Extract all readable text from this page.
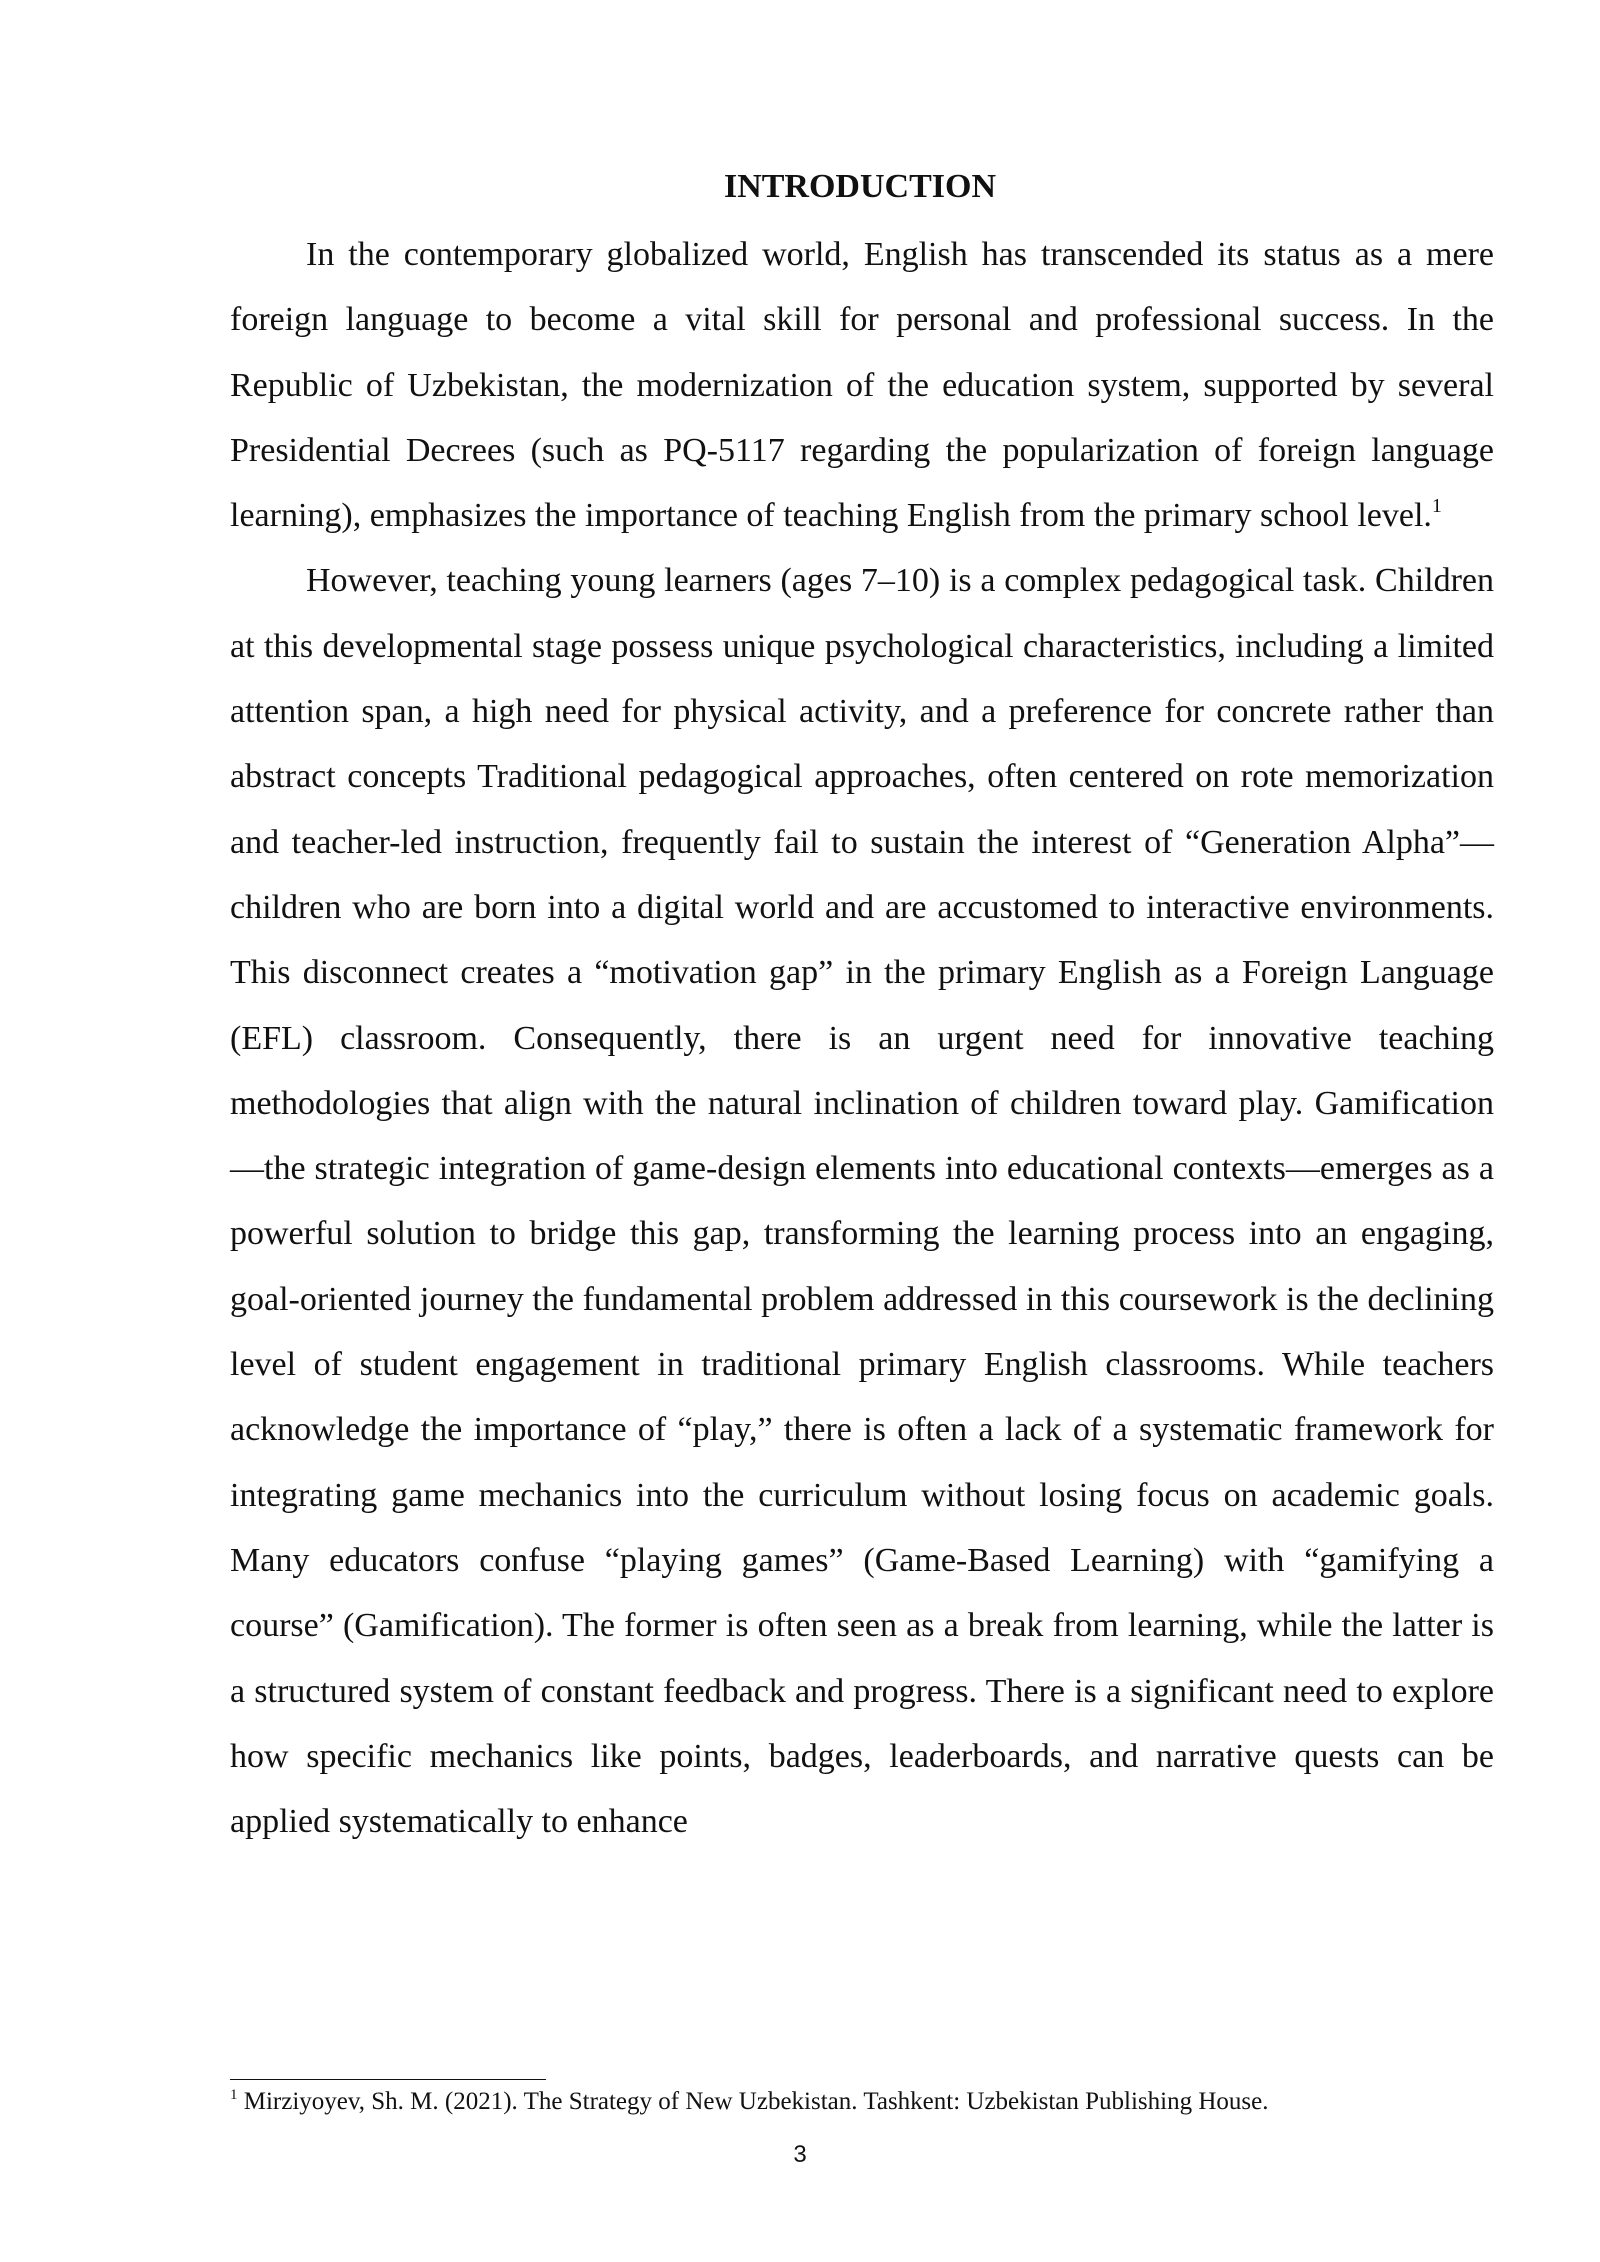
INTRODUCTION

In the contemporary globalized world, English has transcended its status as a mere foreign language to become a vital skill for personal and professional success. In the Republic of Uzbekistan, the modernization of the education system, supported by several Presidential Decrees (such as PQ-5117 regarding the popularization of foreign language learning), emphasizes the importance of teaching English from the primary school level.$^1$

However, teaching young learners (ages 7–10) is a complex pedagogical task. Children at this developmental stage possess unique psychological characteristics, including a limited attention span, a high need for physical activity, and a preference for concrete rather than abstract concepts Traditional pedagogical approaches, often centered on rote memorization and teacher-led instruction, frequently fail to sustain the interest of “Generation Alpha”—children who are born into a digital world and are accustomed to interactive environments. This disconnect creates a “motivation gap” in the primary English as a Foreign Language (EFL) classroom. Consequently, there is an urgent need for innovative teaching methodologies that align with the natural inclination of children toward play. Gamification—the strategic integration of game-design elements into educational contexts—emerges as a powerful solution to bridge this gap, transforming the learning process into an engaging, goal-oriented journey the fundamental problem addressed in this coursework is the declining level of student engagement in traditional primary English classrooms. While teachers acknowledge the importance of “play,” there is often a lack of a systematic framework for integrating game mechanics into the curriculum without losing focus on academic goals. Many educators confuse “playing games” (Game-Based Learning) with “gamifying a course” (Gamification). The former is often seen as a break from learning, while the latter is a structured system of constant feedback and progress. There is a significant need to explore how specific mechanics like points, badges, leaderboards, and narrative quests can be applied systematically to enhance

$^1$ Mirziyoyev, Sh. M. (2021). The Strategy of New Uzbekistan. Tashkent: Uzbekistan Publishing House.
3
